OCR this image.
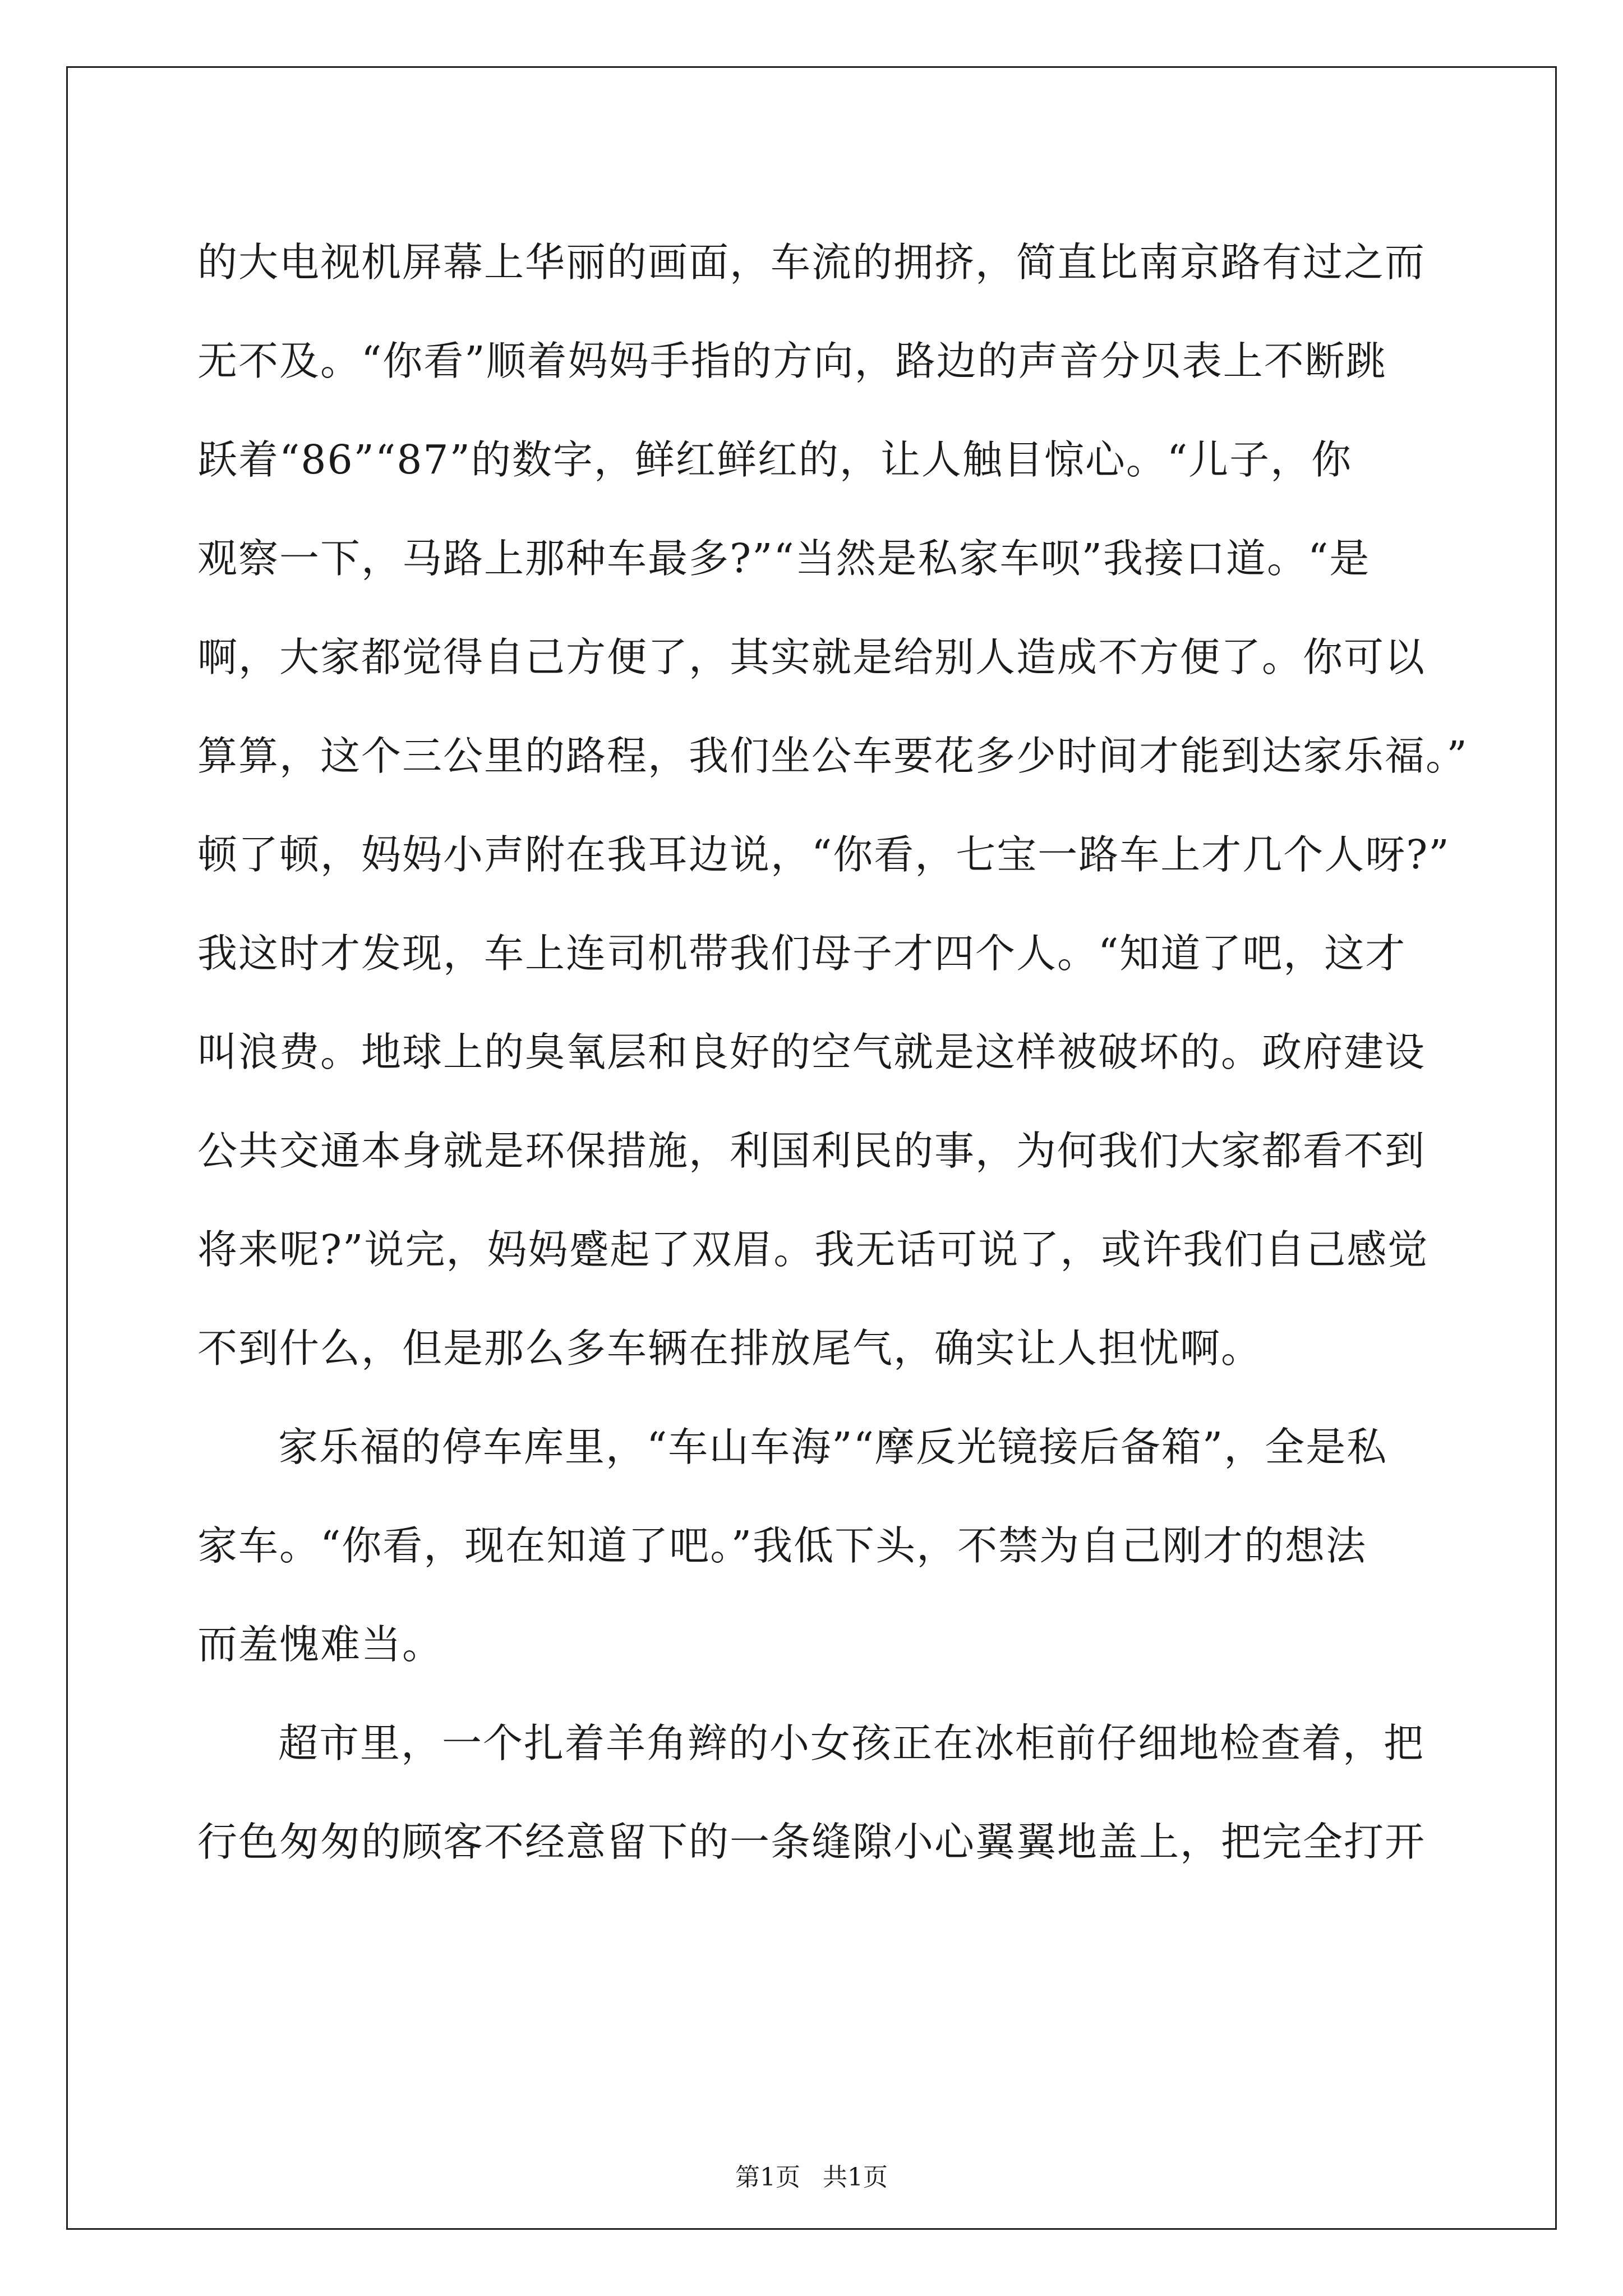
的大电视机屏幕上华丽的画面，车流的拥挤，简直比南京路有过之而
无不及。“你看”顺着妈妈手指的方向，路边的声音分贝表上不断跳
跃着“86”“87”的数字，鲜红鲜红的，让人触目惊心。“儿子，你
观察一下，马路上那种车最多?”“当然是私家车呗”我接口道。“是
啊，大家都觉得自己方便了，其实就是给别人造成不方便了。你可以
算算，这个三公里的路程，我们坐公车要花多少时间才能到达家乐福。”
顿了顿，妈妈小声附在我耳边说，“你看，七宝一路车上才几个人呀?”
我这时才发现，车上连司机带我们母子才四个人。“知道了吧，这才
叫浪费。地球上的臭氧层和良好的空气就是这样被破坏的。政府建设
公共交通本身就是环保措施，利国利民的事，为何我们大家都看不到
将来呢?”说完，妈妈蹙起了双眉。我无话可说了，或许我们自己感觉
不到什么，但是那么多车辆在排放尾气，确实让人担忧啊。
家乐福的停车库里，“车山车海”“摩反光镜接后备箱”，全是私
家车。“你看，现在知道了吧。”我低下头，不禁为自己刚才的想法
而羞愧难当。
超市里，一个扎着羊角辫的小女孩正在冰柜前仔细地检查着，把
行色匆匆的顾客不经意留下的一条缝隙小心翼翼地盖上，把完全打开
第1页 共1页
